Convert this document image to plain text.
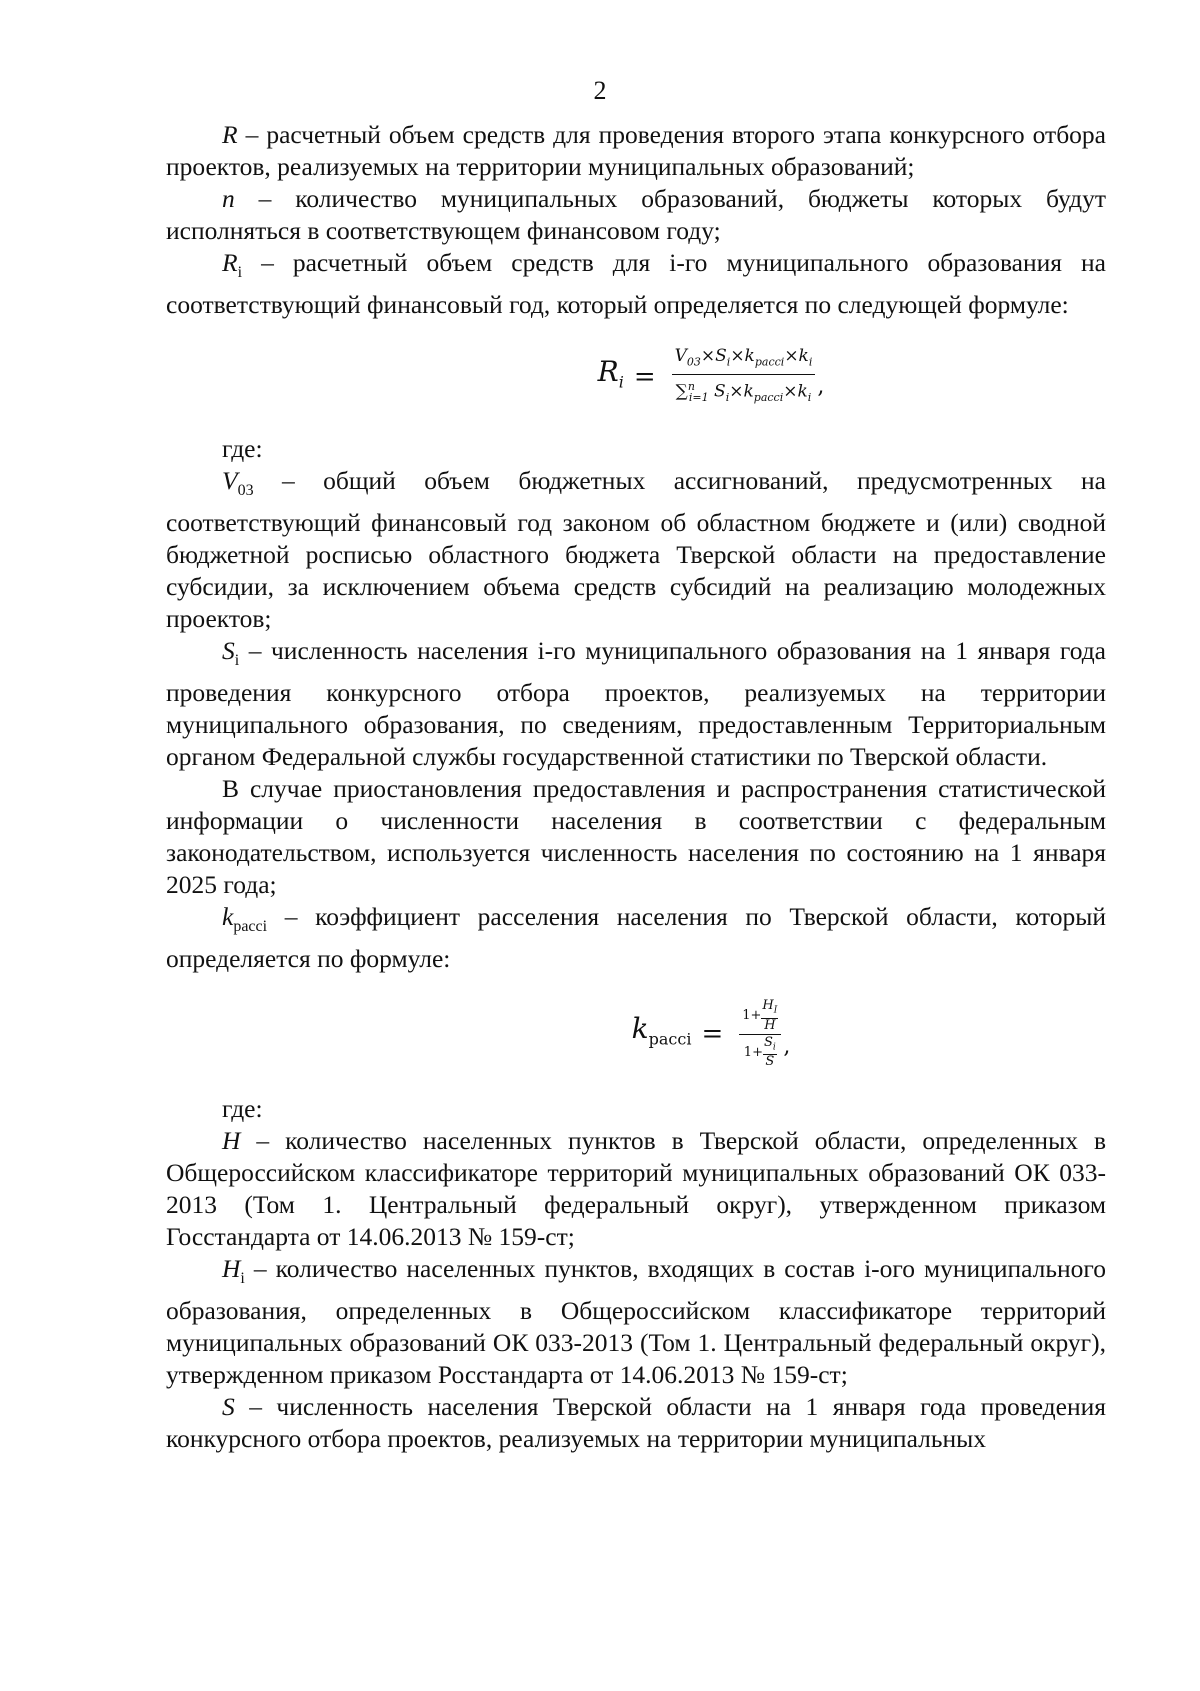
2

R – расчетный объем средств для проведения второго этапа конкурсного отбора проектов, реализуемых на территории муниципальных образований;

n – количество муниципальных образований, бюджеты которых будут исполняться в соответствующем финансовом году;

$R_i$ – расчетный объем средств для i-го муниципального образования на соответствующий финансовый год, который определяется по следующей формуле:

$R_i = \frac{V_{03}\times S_i\times k_{pacci}\times k_i}{\sum^n_{i=1} S_i\times k_{pacci}\times k_i}$ ,

где:

$V_{03}$ – общий объем бюджетных ассигнований, предусмотренных на соответствующий финансовый год законом об областном бюджете и (или) сводной бюджетной росписью областного бюджета Тверской области на предоставление субсидии, за исключением объема средств субсидий на реализацию молодежных проектов;

$S_i$ – численность населения i-го муниципального образования на 1 января года проведения конкурсного отбора проектов, реализуемых на территории муниципального образования, по сведениям, предоставленным Территориальным органом Федеральной службы государственной статистики по Тверской области.

В случае приостановления предоставления и распространения статистической информации о численности населения в соответствии с федеральным законодательством, используется численность населения по состоянию на 1 января 2025 года;

$k_{pacci}$ – коэффициент расселения населения по Тверской области, который определяется по формуле:

$k_{pacci} = \frac{1+ \frac{H_I}{H}}{1+ \frac{S_i}{S}}$ ,

где:

Н – количество населенных пунктов в Тверской области, определенных в Общероссийском классификаторе территорий муниципальных образований ОК 033-2013 (Том 1. Центральный федеральный округ), утвержденном приказом Госстандарта от 14.06.2013 № 159-ст;

$H_i$ – количество населенных пунктов, входящих в состав i-ого муниципального образования, определенных в Общероссийском классификаторе территорий муниципальных образований ОК 033-2013 (Том 1. Центральный федеральный округ), утвержденном приказом Росстандарта от 14.06.2013 № 159-ст;

S – численность населения Тверской области на 1 января года проведения конкурсного отбора проектов, реализуемых на территории муниципальных
